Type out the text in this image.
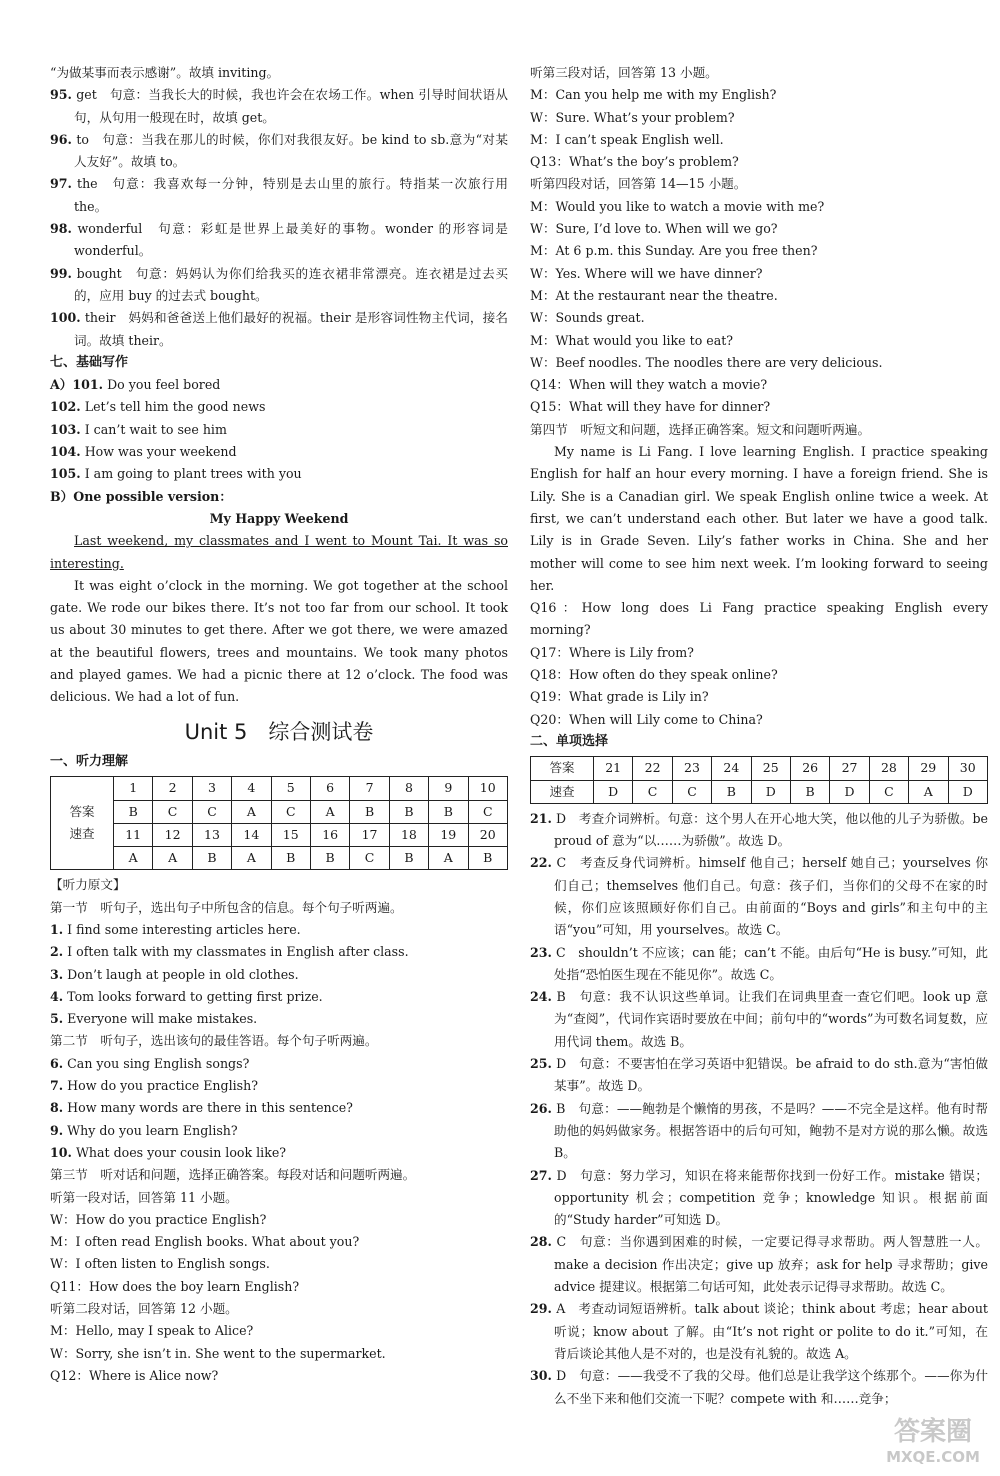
“为做某事而表示感谢”。故填 inviting。

95. get　句意：当我长大的时候，我也许会在农场工作。when 引导时间状语从句，从句用一般现在时，故填 get。

96. to　句意：当我在那儿的时候，你们对我很友好。be kind to sb.意为“对某人友好”。故填 to。

97. the　句意：我喜欢每一分钟，特别是去山里的旅行。特指某一次旅行用 the。

98. wonderful　句意：彩虹是世界上最美好的事物。wonder 的形容词是 wonderful。

99. bought　句意：妈妈认为你们给我买的连衣裙非常漂亮。连衣裙是过去买的，应用 buy 的过去式 bought。

100. their　妈妈和爸爸送上他们最好的祝福。their 是形容词性物主代词，接名词。故填 their。

七、基础写作

A）101. Do you feel bored

102. Let’s tell him the good news

103. I can’t wait to see him

104. How was your weekend

105. I am going to plant trees with you

B）One possible version：

My Happy Weekend

Last weekend, my classmates and I went to Mount Tai. It was so interesting.

It was eight o’clock in the morning. We got together at the school gate. We rode our bikes there. It’s not too far from our school. It took us about 30 minutes to get there. After we got there, we were amazed at the beautiful flowers, trees and mountains. We took many photos and played games. We had a picnic there at 12 o’clock. The food was delicious. We had a lot of fun.

Unit 5　综合测试卷

一、听力理解

答案
速查	1	2	3	4	5	6	7	8	9	10
	B	C	C	A	C	A	B	B	B	C
	11	12	13	14	15	16	17	18	19	20
	A	A	B	A	B	B	C	B	A	B

【听力原文】

第一节　听句子，选出句子中所包含的信息。每个句子听两遍。

1. I find some interesting articles here.

2. I often talk with my classmates in English after class.

3. Don’t laugh at people in old clothes.

4. Tom looks forward to getting first prize.

5. Everyone will make mistakes.

第二节　听句子，选出该句的最佳答语。每个句子听两遍。

6. Can you sing English songs?

7. How do you practice English?

8. How many words are there in this sentence?

9. Why do you learn English?

10. What does your cousin look like?

第三节　听对话和问题，选择正确答案。每段对话和问题听两遍。

听第一段对话，回答第 11 小题。

W：How do you practice English?

M：I often read English books. What about you?

W：I often listen to English songs.

Q11：How does the boy learn English?

听第二段对话，回答第 12 小题。

M：Hello, may I speak to Alice?

W：Sorry, she isn’t in. She went to the supermarket.

Q12：Where is Alice now?

听第三段对话，回答第 13 小题。

M：Can you help me with my English?

W：Sure. What’s your problem?

M：I can’t speak English well.

Q13：What’s the boy’s problem?

听第四段对话，回答第 14—15 小题。

M：Would you like to watch a movie with me?

W：Sure, I’d love to. When will we go?

M：At 6 p.m. this Sunday. Are you free then?

W：Yes. Where will we have dinner?

M：At the restaurant near the theatre.

W：Sounds great.

M：What would you like to eat?

W：Beef noodles. The noodles there are very delicious.

Q14：When will they watch a movie?

Q15：What will they have for dinner?

第四节　听短文和问题，选择正确答案。短文和问题听两遍。

My name is Li Fang. I love learning English. I practice speaking English for half an hour every morning. I have a foreign friend. She is Lily. She is a Canadian girl. We speak English online twice a week. At first, we can’t understand each other. But later we have a good talk. Lily is in Grade Seven. Lily’s father works in China. She and her mother will come to see him next week. I’m looking forward to seeing her.

Q16：How long does Li Fang practice speaking English every morning?

Q17：Where is Lily from?

Q18：How often do they speak online?

Q19：What grade is Lily in?

Q20：When will Lily come to China?

二、单项选择

答案	21	22	23	24	25	26	27	28	29	30
速查	D	C	C	B	D	B	D	C	A	D

21. D　考查介词辨析。句意：这个男人在开心地大笑，他以他的儿子为骄傲。be proud of 意为“以……为骄傲”。故选 D。

22. C　考查反身代词辨析。himself 他自己；herself 她自己；yourselves 你们自己；themselves 他们自己。句意：孩子们，当你们的父母不在家的时候，你们应该照顾好你们自己。由前面的“Boys and girls”和主句中的主语“you”可知，用 yourselves。故选 C。

23. C　shouldn’t 不应该；can 能；can’t 不能。由后句“He is busy.”可知，此处指“恐怕医生现在不能见你”。故选 C。

24. B　句意：我不认识这些单词。让我们在词典里查一查它们吧。look up 意为“查阅”，代词作宾语时要放在中间；前句中的“words”为可数名词复数，应用代词 them。故选 B。

25. D　句意：不要害怕在学习英语中犯错误。be afraid to do sth.意为“害怕做某事”。故选 D。

26. B　句意：——鲍勃是个懒惰的男孩，不是吗？——不完全是这样。他有时帮助他的妈妈做家务。根据答语中的后句可知，鲍勃不是对方说的那么懒。故选 B。

27. D　句意：努力学习，知识在将来能帮你找到一份好工作。mistake 错误；opportunity 机会；competition 竞争；knowledge 知识。根据前面的“Study harder”可知选 D。

28. C　句意：当你遇到困难的时候，一定要记得寻求帮助。两人智慧胜一人。make a decision 作出决定；give up 放弃；ask for help 寻求帮助；give advice 提建议。根据第二句话可知，此处表示记得寻求帮助。故选 C。

29. A　考查动词短语辨析。talk about 谈论；think about 考虑；hear about 听说；know about 了解。由“It’s not right or polite to do it.”可知，在背后谈论其他人是不对的，也是没有礼貌的。故选 A。

30. D　句意：——我受不了我的父母。他们总是让我学这个练那个。——你为什么不坐下来和他们交流一下呢？compete with 和……竞争；

答案圈
MXQE.COM
